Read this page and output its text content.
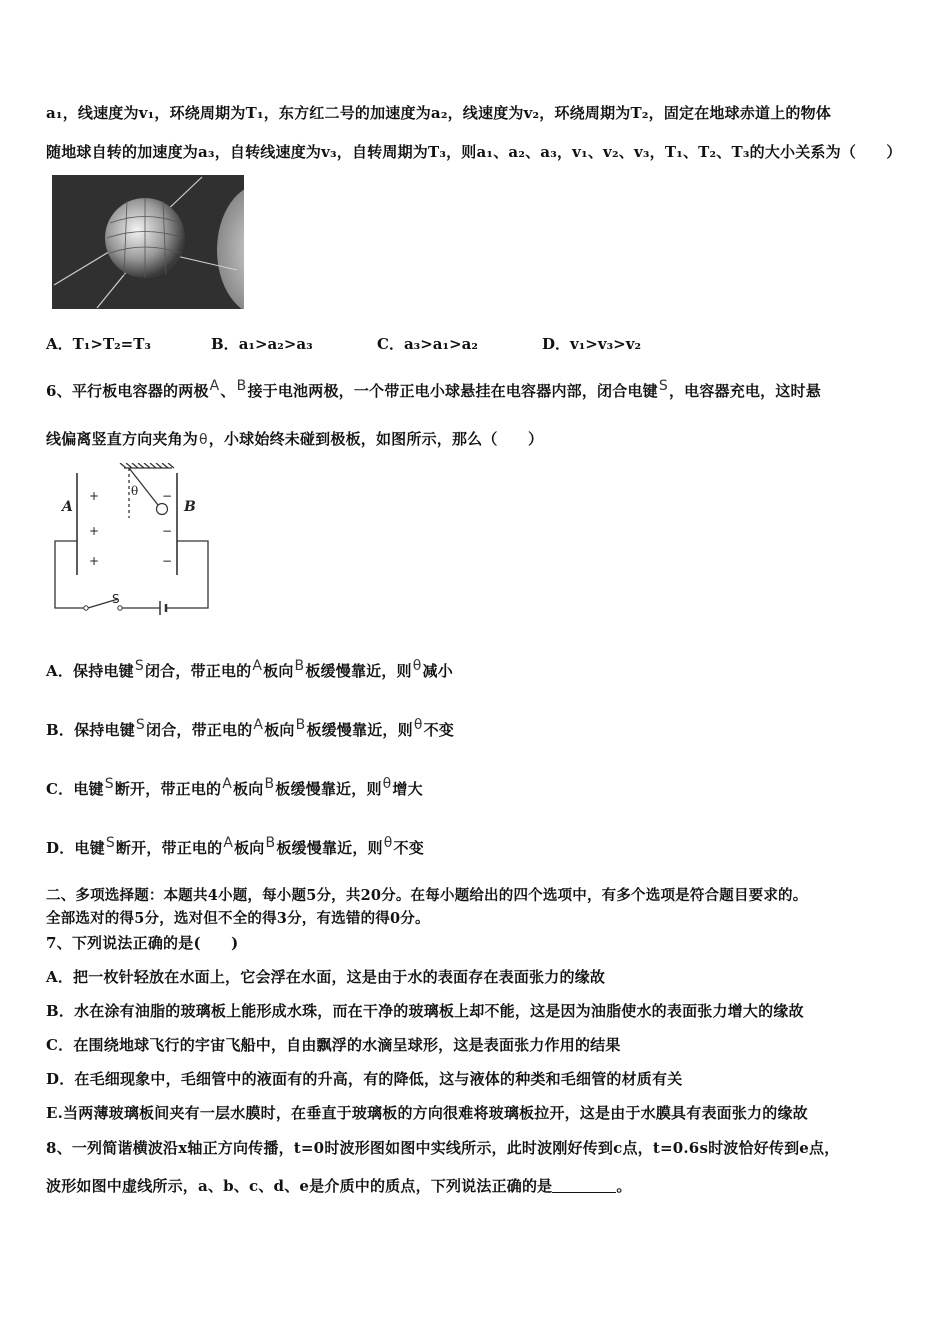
a₁，线速度为v₁，环绕周期为T₁，东方红二号的加速度为a₂，线速度为v₂，环绕周期为T₂，固定在地球赤道上的物体
随地球自转的加速度为a₃，自转线速度为v₃，自转周期为T₃，则a₁、a₂、a₃，v₁、v₂、v₃，T₁、T₂、T₃的大小关系为（　　）
A．T₁>T₂=T₃	B．a₁>a₂>a₃	C．a₃>a₁>a₂	D．v₁>v₃>v₂
6、平行板电容器的两极A、B接于电池两极，一个带正电小球悬挂在电容器内部，闭合电键S，电容器充电，这时悬
线偏离竖直方向夹角为θ，小球始终未碰到极板，如图所示，那么（　　）
A	B
θ
S
+
+
+
−
−
−
A．保持电键S闭合，带正电的A板向B板缓慢靠近，则θ减小
B．保持电键S闭合，带正电的A板向B板缓慢靠近，则θ不变
C．电键S断开，带正电的A板向B板缓慢靠近，则θ增大
D．电键S断开，带正电的A板向B板缓慢靠近，则θ不变
二、多项选择题：本题共4小题，每小题5分，共20分。在每小题给出的四个选项中，有多个选项是符合题目要求的。
全部选对的得5分，选对但不全的得3分，有选错的得0分。
7、下列说法正确的是(　　)
A．把一枚针轻放在水面上，它会浮在水面，这是由于水的表面存在表面张力的缘故
B．水在涂有油脂的玻璃板上能形成水珠，而在干净的玻璃板上却不能，这是因为油脂使水的表面张力增大的缘故
C．在围绕地球飞行的宇宙飞船中，自由飘浮的水滴呈球形，这是表面张力作用的结果
D．在毛细现象中，毛细管中的液面有的升高，有的降低，这与液体的种类和毛细管的材质有关
E.当两薄玻璃板间夹有一层水膜时，在垂直于玻璃板的方向很难将玻璃板拉开，这是由于水膜具有表面张力的缘故
8、一列简谐横波沿x轴正方向传播，t=0时波形图如图中实线所示，此时波刚好传到c点，t=0.6s时波恰好传到e点，
波形如图中虚线所示，a、b、c、d、e是介质中的质点，下列说法正确的是	。
